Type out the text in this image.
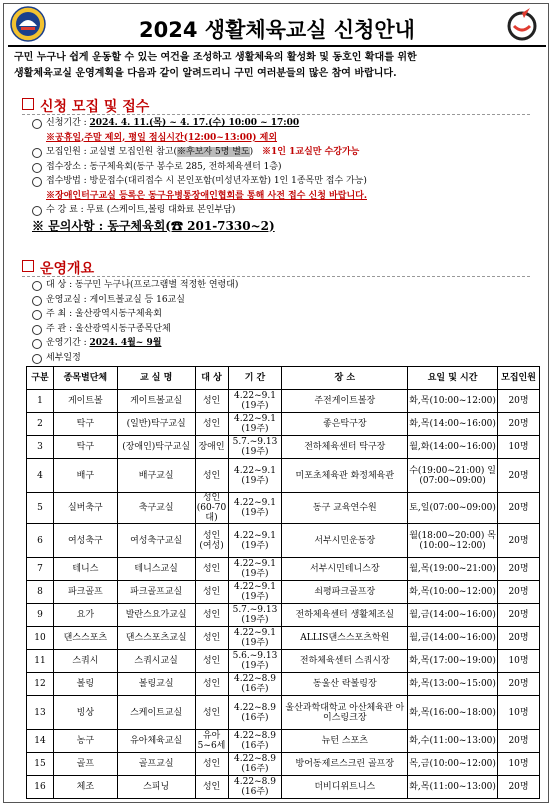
2024 생활체육교실 신청안내
구민 누구나 쉽게 운동할 수 있는 여건을 조성하고 생활체육의 활성화 및 동호인 확대를 위한
생활체육교실 운영계획을 다음과 같이 알려드리니 구민 여러분들의 많은 참여 바랍니다.
신청 모집 및 접수
신청기간 : 2024. 4. 11.(목) ~ 4. 17.(수) 10:00 ~ 17:00
※공휴일,주말 제외, 평일 점심시간(12:00~13:00) 제외
모집인원 : 교실별 모집인원 참고(※후보자 5명 별도) ※1인 1교실만 수강가능
접수장소 : 동구체육회(동구 봉수로 285, 전하체육센터 1층)
접수방법 : 방문접수(대리접수 시 본인포함(미성년자포함) 1인 1종목만 접수 가능)
※장애인터구교실 등록은 동구유병통장애인협회를 통해 사전 접수 신청 바랍니다.
수 강 료 : 무료 (스케이트,볼링 대화료 본인부담)
※ 문의사항 : 동구체육회(☎ 201-7330~2)
운영개요
대 상 : 동구민 누구나(프로그램별 적정한 연령대)
운영교실 : 게이트볼교실 등 16교실
주 최 : 울산광역시동구체육회
주 관 : 울산광역시동구종목단체
운영기간 : 2024. 4월~ 9월
세부일정
구분	종목별단체	교 실 명	대 상	기 간	장 소	요일 및 시간	모집인원
1	게이트볼	게이트볼교실	성인	4.22~9.1 (19주)	주전게이트볼장	화,목(10:00~12:00)	20명
2	탁구	(일반)탁구교실	성인	4.22~9.1 (19주)	좋은탁구장	화,목(14:00~16:00)	20명
3	탁구	(장애인)탁구교실	장애인	5.7.~9.13 (19주)	전하체육센터 탁구장	월,화(14:00~16:00)	10명
4	배구	배구교실	성인	4.22~9.1 (19주)	미포초체육관 화정체육관	수(19:00~21:00) 일(07:00~09:00)	20명
5	실버축구	축구교실	성인 (60-70대)	4.22~9.1 (19주)	동구 교육연수원	토,일(07:00~09:00)	20명
6	여성축구	여성축구교실	성인 (여성)	4.22~9.1 (19주)	서부시민운동장	월(18:00~20:00) 목(10:00~12:00)	20명
7	테니스	테니스교실	성인	4.22~9.1 (19주)	서부시민테니스장	월,목(19:00~21:00)	20명
8	파크골프	파크골프교실	성인	4.22~9.1 (19주)	쇠평파크골프장	화,목(10:00~12:00)	20명
9	요가	발란스요가교실	성인	5.7.~9.13 (19주)	전하체육센터 생활체조실	월,금(14:00~16:00)	20명
10	댄스스포츠	댄스스포츠교실	성인	4.22~9.1 (19주)	ALLIS댄스스포츠학원	월,금(14:00~16:00)	20명
11	스쿼시	스쿼시교실	성인	5.6.~9.13 (19주)	전하체육센터 스쿼시장	화,목(17:00~19:00)	10명
12	볼링	볼링교실	성인	4.22~8.9 (16주)	동울산 락볼링장	화,목(13:00~15:00)	20명
13	빙상	스케이트교실	성인	4.22~8.9 (16주)	울산과학대학교 아산체육관 아이스링크장	화,목(16:00~18:00)	10명
14	농구	유아체육교실	유아 5~6세	4.22~8.9 (16주)	뉴턴 스포츠	화,수(11:00~13:00)	20명
15	골프	골프교실	성인	4.22~8.9 (16주)	방어동제르스크린 골프장	목,금(10:00~12:00)	10명
16	체조	스피닝	성인	4.22~8.9 (16주)	더비디위트니스	화,목(11:00~13:00)	20명
